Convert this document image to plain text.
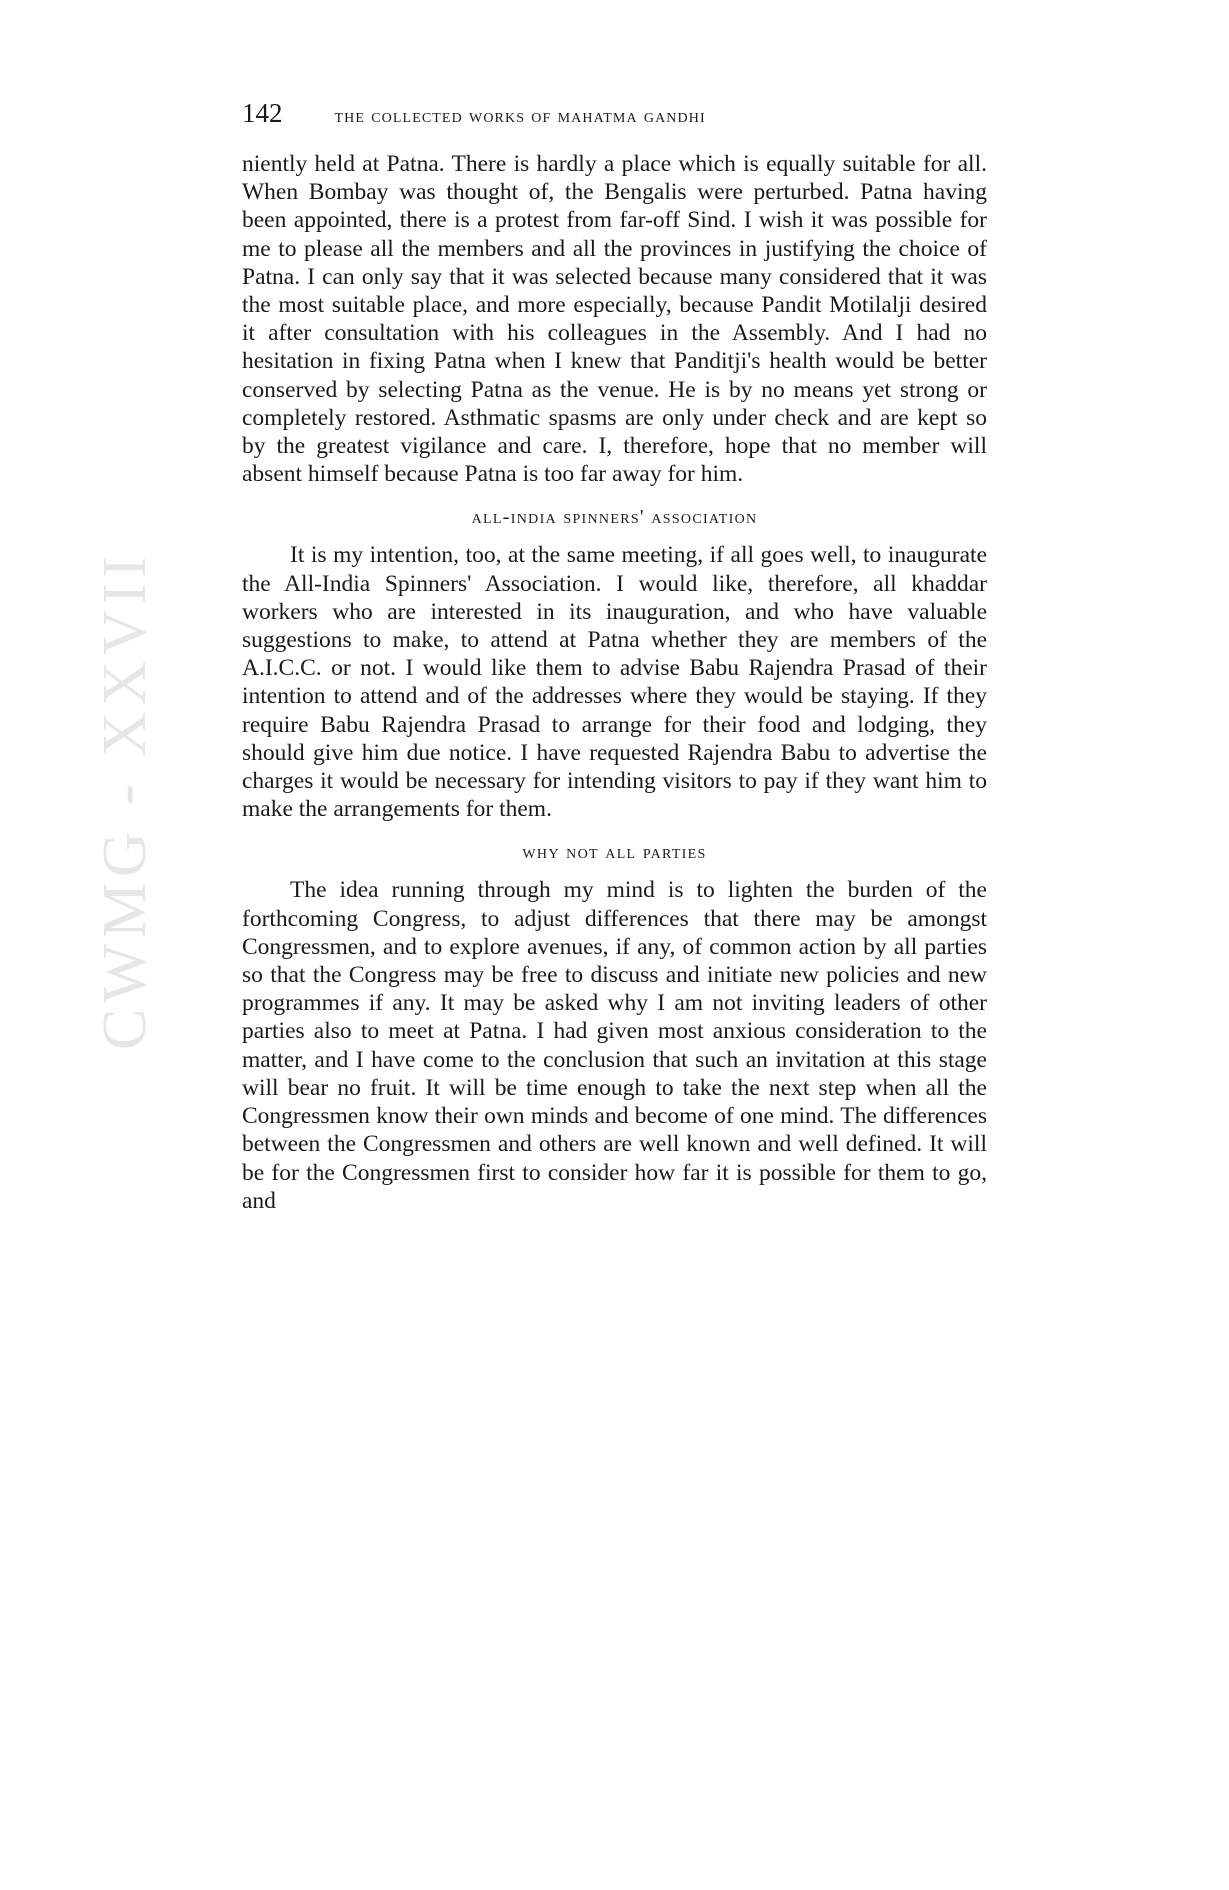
CWMG - XXVII
142	the collected works of mahatma gandhi

niently held at Patna. There is hardly a place which is equally suitable for all. When Bombay was thought of, the Bengalis were perturbed. Patna having been appointed, there is a protest from far-off Sind. I wish it was possible for me to please all the members and all the provinces in justifying the choice of Patna. I can only say that it was selected because many considered that it was the most suitable place, and more especially, because Pandit Motilalji desired it after consultation with his colleagues in the Assembly. And I had no hesitation in fixing Patna when I knew that Panditji's health would be better conserved by selecting Patna as the venue. He is by no means yet strong or completely restored. Asthmatic spasms are only under check and are kept so by the greatest vigilance and care. I, therefore, hope that no member will absent himself because Patna is too far away for him.

all-india spinners' association

It is my intention, too, at the same meeting, if all goes well, to inaugurate the All-India Spinners' Association. I would like, therefore, all khaddar workers who are interested in its inauguration, and who have valuable suggestions to make, to attend at Patna whether they are members of the A.I.C.C. or not. I would like them to advise Babu Rajendra Prasad of their intention to attend and of the addresses where they would be staying. If they require Babu Rajendra Prasad to arrange for their food and lodging, they should give him due notice. I have requested Rajendra Babu to advertise the charges it would be necessary for intending visitors to pay if they want him to make the arrangements for them.

why not all parties

The idea running through my mind is to lighten the burden of the forthcoming Congress, to adjust differences that there may be amongst Congressmen, and to explore avenues, if any, of common action by all parties so that the Congress may be free to discuss and initiate new policies and new programmes if any. It may be asked why I am not inviting leaders of other parties also to meet at Patna. I had given most anxious consideration to the matter, and I have come to the conclusion that such an invitation at this stage will bear no fruit. It will be time enough to take the next step when all the Congressmen know their own minds and become of one mind. The differences between the Congressmen and others are well known and well defined. It will be for the Congressmen first to consider how far it is possible for them to go, and
